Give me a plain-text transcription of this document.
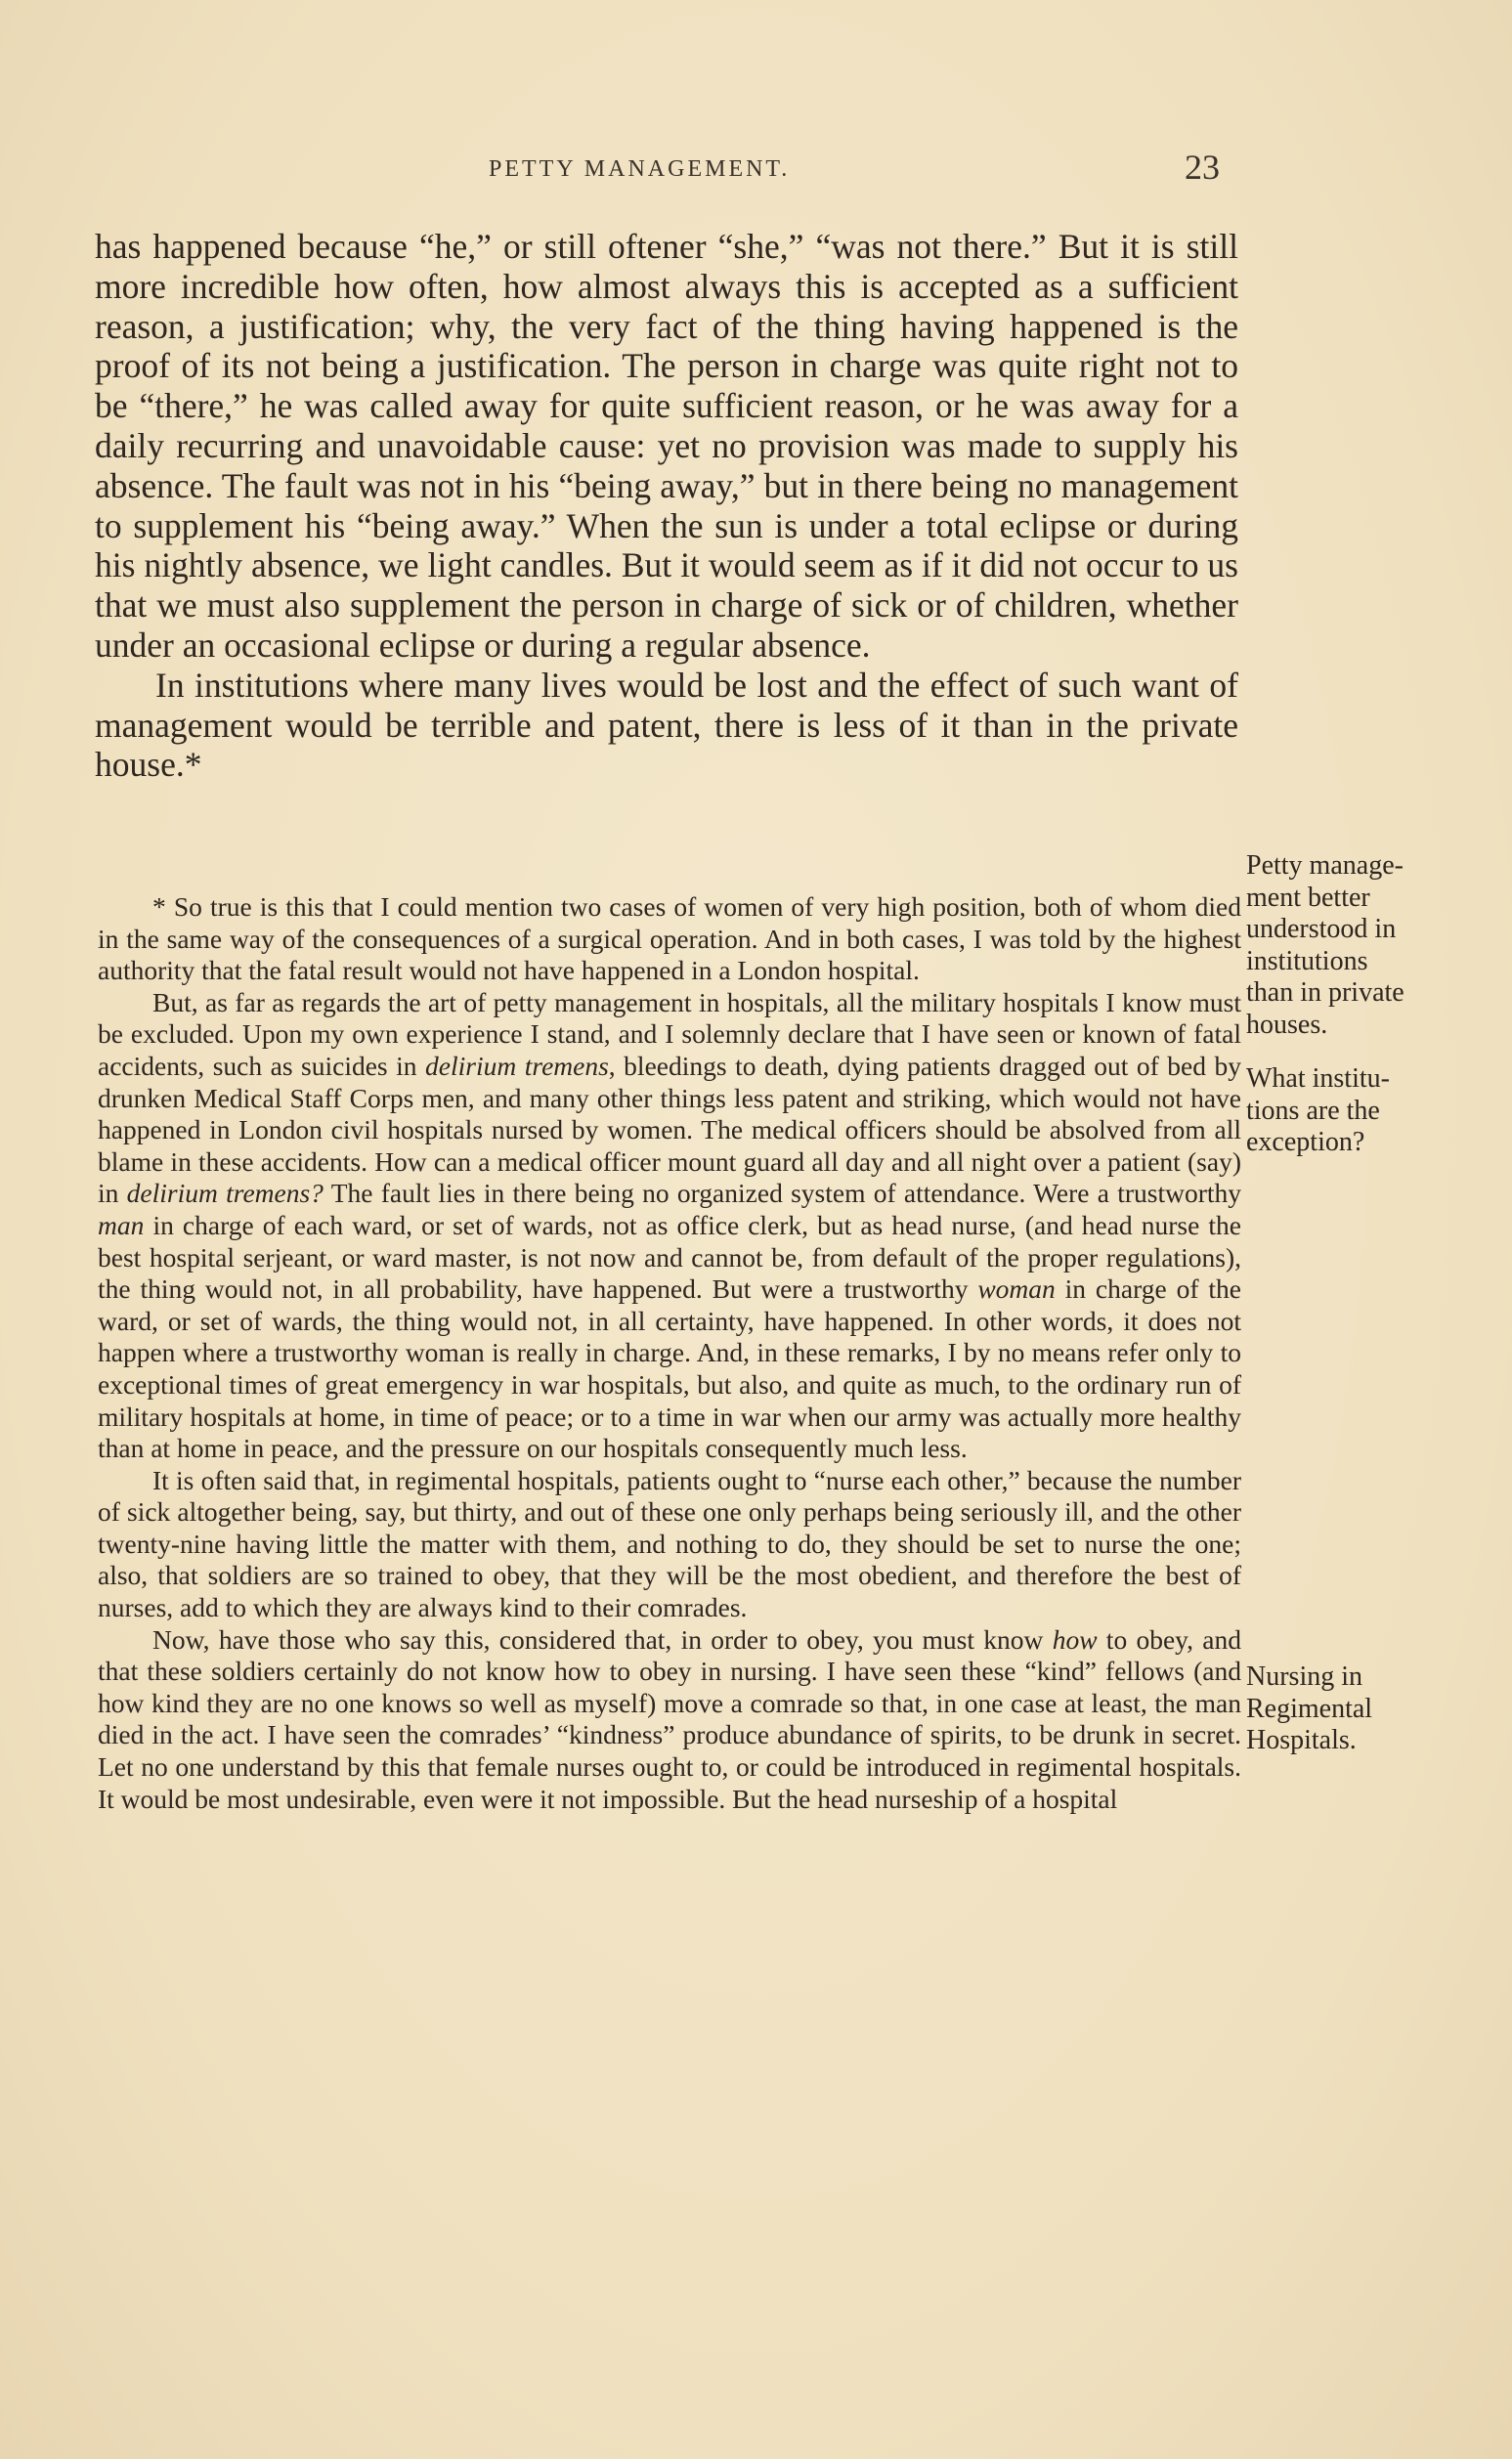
PETTY MANAGEMENT.	23

has happened because “he,” or still oftener “she,” “was not there.” But it is still more incredible how often, how almost always this is accepted as a sufficient reason, a justification; why, the very fact of the thing having happened is the proof of its not being a justification. The person in charge was quite right not to be “there,” he was called away for quite sufficient reason, or he was away for a daily recurring and unavoidable cause: yet no provision was made to supply his absence. The fault was not in his “being away,” but in there being no management to supplement his “being away.” When the sun is under a total eclipse or during his nightly absence, we light candles. But it would seem as if it did not occur to us that we must also supplement the person in charge of sick or of children, whether under an occasional eclipse or during a regular absence.

In institutions where many lives would be lost and the effect of such want of management would be terrible and patent, there is less of it than in the private house.*

* So true is this that I could mention two cases of women of very high position, both of whom died in the same way of the consequences of a surgical operation. And in both cases, I was told by the highest authority that the fatal result would not have happened in a London hospital.

But, as far as regards the art of petty management in hospitals, all the military hospitals I know must be excluded. Upon my own experience I stand, and I solemnly declare that I have seen or known of fatal accidents, such as suicides in delirium tremens, bleedings to death, dying patients dragged out of bed by drunken Medical Staff Corps men, and many other things less patent and striking, which would not have happened in London civil hospitals nursed by women. The medical officers should be absolved from all blame in these accidents. How can a medical officer mount guard all day and all night over a patient (say) in delirium tremens? The fault lies in there being no organized system of attendance. Were a trustworthy man in charge of each ward, or set of wards, not as office clerk, but as head nurse, (and head nurse the best hospital serjeant, or ward master, is not now and cannot be, from default of the proper regulations), the thing would not, in all probability, have happened. But were a trustworthy woman in charge of the ward, or set of wards, the thing would not, in all certainty, have happened. In other words, it does not happen where a trustworthy woman is really in charge. And, in these remarks, I by no means refer only to exceptional times of great emergency in war hospitals, but also, and quite as much, to the ordinary run of military hospitals at home, in time of peace; or to a time in war when our army was actually more healthy than at home in peace, and the pressure on our hospitals consequently much less.

It is often said that, in regimental hospitals, patients ought to “nurse each other,” because the number of sick altogether being, say, but thirty, and out of these one only perhaps being seriously ill, and the other twenty-nine having little the matter with them, and nothing to do, they should be set to nurse the one; also, that soldiers are so trained to obey, that they will be the most obedient, and therefore the best of nurses, add to which they are always kind to their comrades.

Now, have those who say this, considered that, in order to obey, you must know how to obey, and that these soldiers certainly do not know how to obey in nursing. I have seen these “kind” fellows (and how kind they are no one knows so well as myself) move a comrade so that, in one case at least, the man died in the act. I have seen the comrades’ “kindness” produce abundance of spirits, to be drunk in secret. Let no one understand by this that female nurses ought to, or could be introduced in regimental hospitals. It would be most undesirable, even were it not impossible. But the head nurseship of a hospital

Petty manage-
ment better
understood in
institutions
than in private
houses.
What institu-
tions are the
exception?
Nursing in
Regimental
Hospitals.
